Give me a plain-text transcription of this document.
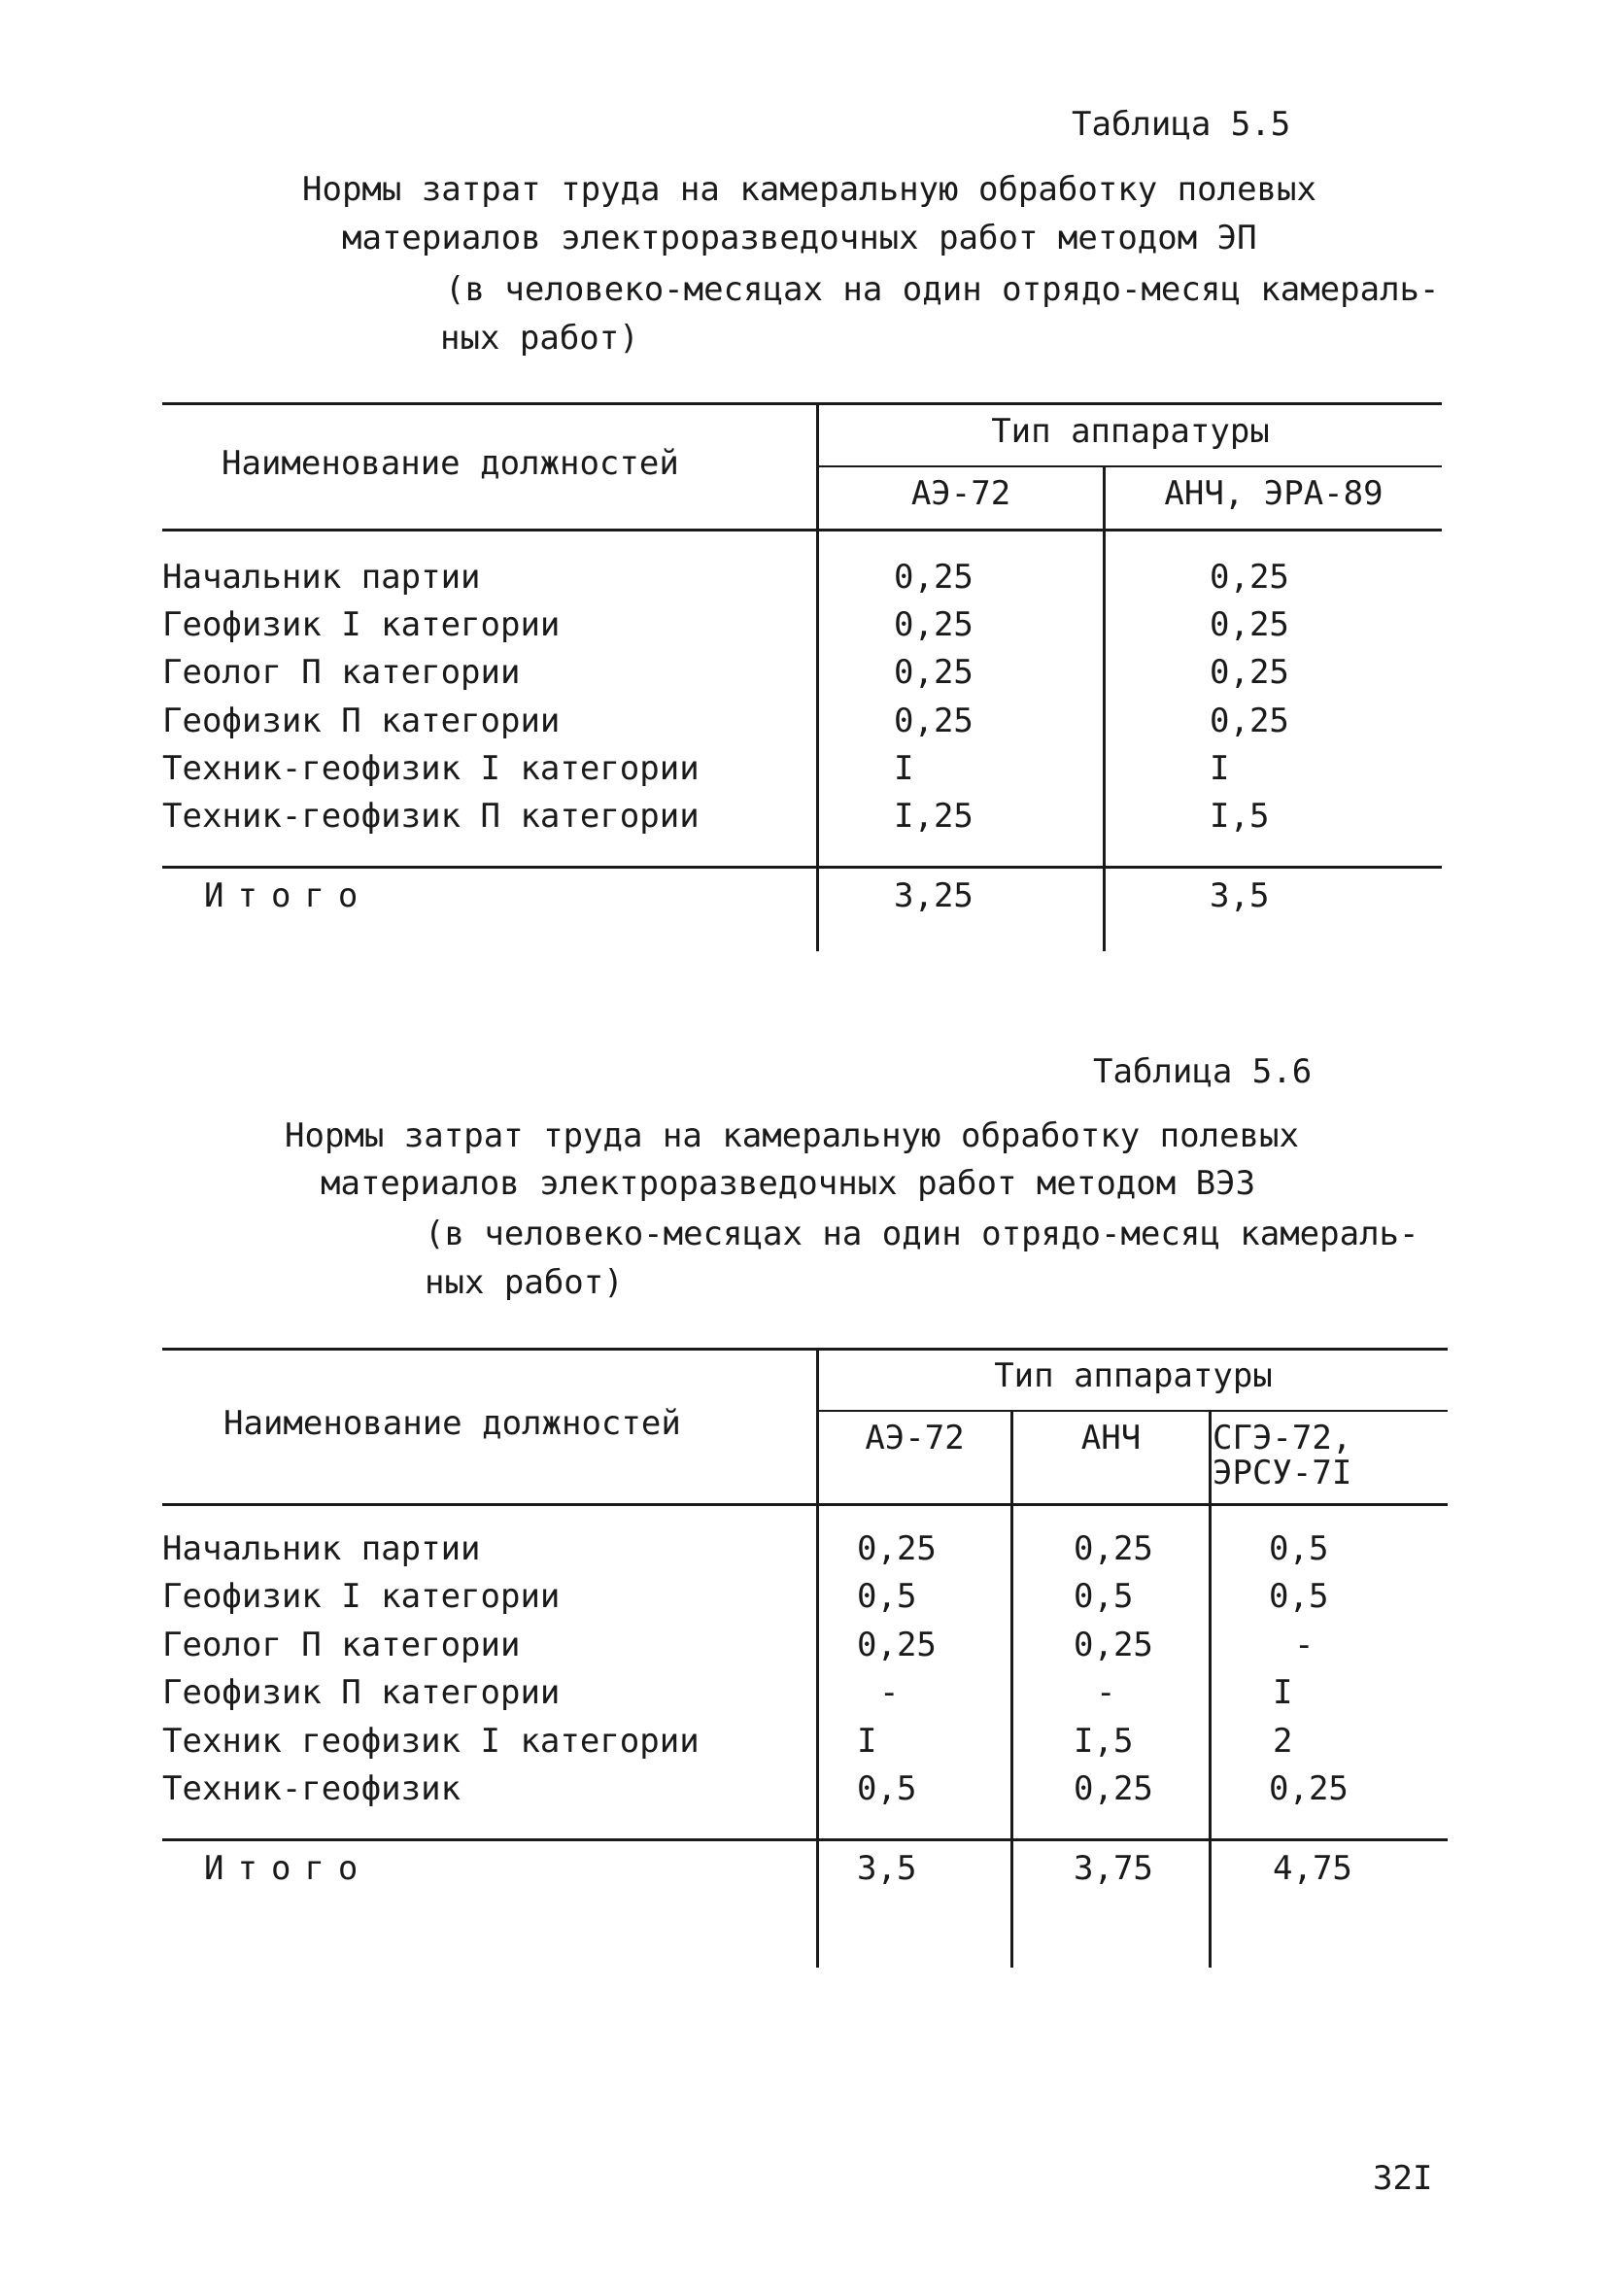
Таблица 5.5
Нормы затрат труда на камеральную обработку полевых
материалов электроразведочных работ методом ЭП
(в человеко-месяцах на один отрядо-месяц камераль-
ных работ)
Наименование должностей
Тип аппаратуры
АЭ-72	АНЧ, ЭРА-89
Начальник партии	0,25	0,25
Геофизик I категории	0,25	0,25
Геолог П категории	0,25	0,25
Геофизик П категории	0,25	0,25
Техник-геофизик I категории	I	I
Техник-геофизик П категории	I,25	I,5
Итого	3,25	3,5
Таблица 5.6
Нормы затрат труда на камеральную обработку полевых
материалов электроразведочных работ методом ВЭЗ
(в человеко-месяцах на один отрядо-месяц камераль-
ных работ)
Наименование должностей
Тип аппаратуры
АЭ-72	АНЧ	СГЭ-72,
ЭРСУ-7I
Начальник партии	0,25	0,25	0,5
Геофизик I категории	0,5	0,5	0,5
Геолог П категории	0,25	0,25	-
Геофизик П категории	-	-	I
Техник геофизик I категории	I	I,5	2
Техник-геофизик	0,5	0,25	0,25
Итого	3,5	3,75	4,75
32I
